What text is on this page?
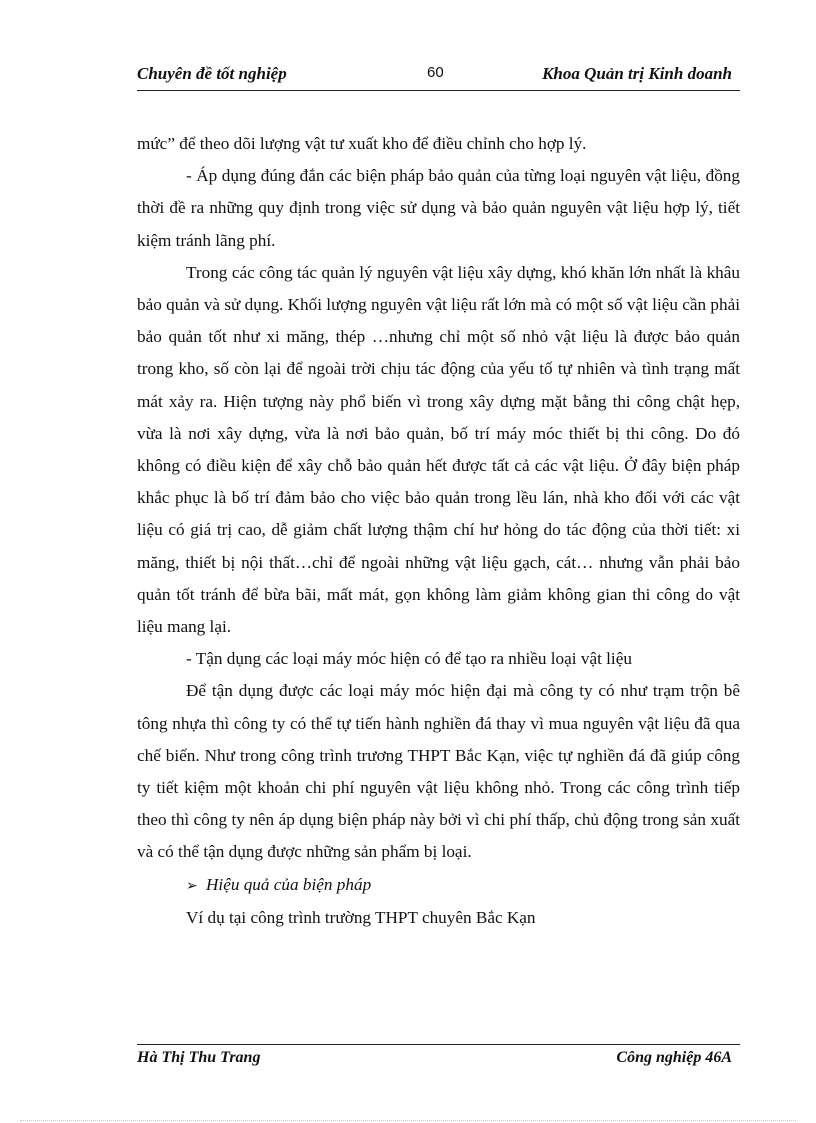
Chuyên đề tốt nghiệp	60	Khoa Quản trị Kinh doanh

mức” để theo dõi lượng vật tư xuất kho để điều chỉnh cho hợp lý.

- Áp dụng đúng đắn các biện pháp bảo quản của từng loại nguyên vật liệu, đồng thời đề ra những quy định trong việc sử dụng và bảo quản nguyên vật liệu hợp lý, tiết kiệm tránh lãng phí.

Trong các công tác quản lý nguyên vật liệu xây dựng, khó khăn lớn nhất là khâu bảo quản và sử dụng. Khối lượng nguyên vật liệu rất lớn mà có một số vật liệu cần phải bảo quản tốt như xi măng, thép …nhưng chỉ một số nhỏ vật liệu là được bảo quản trong kho, số còn lại để ngoài trời chịu tác động của yếu tố tự nhiên và tình trạng mất mát xảy ra. Hiện tượng này phổ biến vì trong xây dựng mặt bằng thi công chật hẹp, vừa là nơi xây dựng, vừa là nơi bảo quản, bố trí máy móc thiết bị thi công. Do đó không có điều kiện để xây chỗ bảo quản hết được tất cả các vật liệu. Ở đây biện pháp khắc phục là bố trí đảm bảo cho việc bảo quản trong lều lán, nhà kho đối với các vật liệu có giá trị cao, dễ giảm chất lượng thậm chí hư hỏng do tác động của thời tiết: xi măng, thiết bị nội thất…chỉ để ngoài những vật liệu gạch, cát… nhưng vẫn phải bảo quản tốt tránh để bừa bãi, mất mát, gọn không làm giảm không gian thi công do vật liệu mang lại.

- Tận dụng các loại máy móc hiện có để tạo ra nhiều loại vật liệu

Để tận dụng được các loại máy móc hiện đại mà công ty có như trạm trộn bê tông nhựa thì công ty có thể tự tiến hành nghiền đá thay vì mua nguyên vật liệu đã qua chế biến. Như trong công trình trương THPT Bắc Kạn, việc tự nghiền đá đã giúp công ty tiết kiệm một khoản chi phí nguyên vật liệu không nhỏ. Trong các công trình tiếp theo thì công ty nên áp dụng biện pháp này bởi vì chi phí thấp, chủ động trong sản xuất và có thể tận dụng được những sản phẩm bị loại.

➢ Hiệu quả của biện pháp

Ví dụ tại công trình trường THPT chuyên Bắc Kạn

Hà Thị Thu Trang	Công nghiệp 46A
